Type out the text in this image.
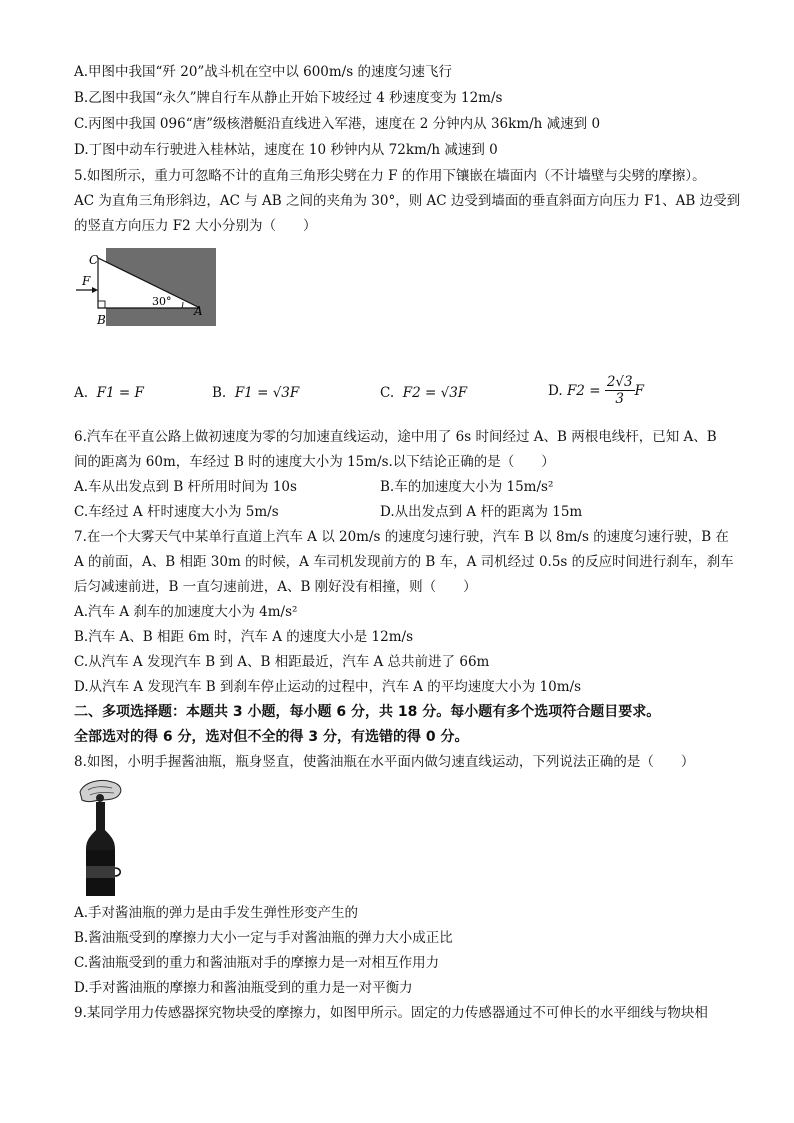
A.甲图中我国“歼 20”战斗机在空中以 600m/s 的速度匀速飞行
B.乙图中我国“永久”牌自行车从静止开始下坡经过 4 秒速度变为 12m/s
C.丙图中我国 096“唐”级核潜艇沿直线进入军港，速度在 2 分钟内从 36km/h 减速到 0
D.丁图中动车行驶进入桂林站，速度在 10 秒钟内从 72km/h 减速到 0
5.如图所示，重力可忽略不计的直角三角形尖劈在力 F 的作用下镶嵌在墙面内（不计墙壁与尖劈的摩擦）。
AC 为直角三角形斜边，AC 与 AB 之间的夹角为 30°，则 AC 边受到墙面的垂直斜面方向压力 F1、AB 边受到
的竖直方向压力 F2 大小分别为（　　）
C
F
B
A
30°
A. F1 = F	B. F1 = √3F	C. F2 = √3F	D.
F2 =
2√3
3
F
6.汽车在平直公路上做初速度为零的匀加速直线运动，途中用了 6s 时间经过 A、B 两根电线杆，已知 A、B
间的距离为 60m，车经过 B 时的速度大小为 15m/s.以下结论正确的是（　　）
A.车从出发点到 B 杆所用时间为 10s	B.车的加速度大小为 15m/s²
C.车经过 A 杆时速度大小为 5m/s	D.从出发点到 A 杆的距离为 15m
7.在一个大雾天气中某单行直道上汽车 A 以 20m/s 的速度匀速行驶，汽车 B 以 8m/s 的速度匀速行驶，B 在
A 的前面，A、B 相距 30m 的时候，A 车司机发现前方的 B 车，A 司机经过 0.5s 的反应时间进行刹车，刹车
后匀减速前进，B 一直匀速前进，A、B 刚好没有相撞，则（　　）
A.汽车 A 刹车的加速度大小为 4m/s²
B.汽车 A、B 相距 6m 时，汽车 A 的速度大小是 12m/s
C.从汽车 A 发现汽车 B 到 A、B 相距最近，汽车 A 总共前进了 66m
D.从汽车 A 发现汽车 B 到刹车停止运动的过程中，汽车 A 的平均速度大小为 10m/s
二、多项选择题：本题共 3 小题，每小题 6 分，共 18 分。每小题有多个选项符合题目要求。
全部选对的得 6 分，选对但不全的得 3 分，有选错的得 0 分。
8.如图，小明手握酱油瓶，瓶身竖直，使酱油瓶在水平面内做匀速直线运动，下列说法正确的是（　　）
A.手对酱油瓶的弹力是由手发生弹性形变产生的
B.酱油瓶受到的摩擦力大小一定与手对酱油瓶的弹力大小成正比
C.酱油瓶受到的重力和酱油瓶对手的摩擦力是一对相互作用力
D.手对酱油瓶的摩擦力和酱油瓶受到的重力是一对平衡力
9.某同学用力传感器探究物块受的摩擦力，如图甲所示。固定的力传感器通过不可伸长的水平细线与物块相
